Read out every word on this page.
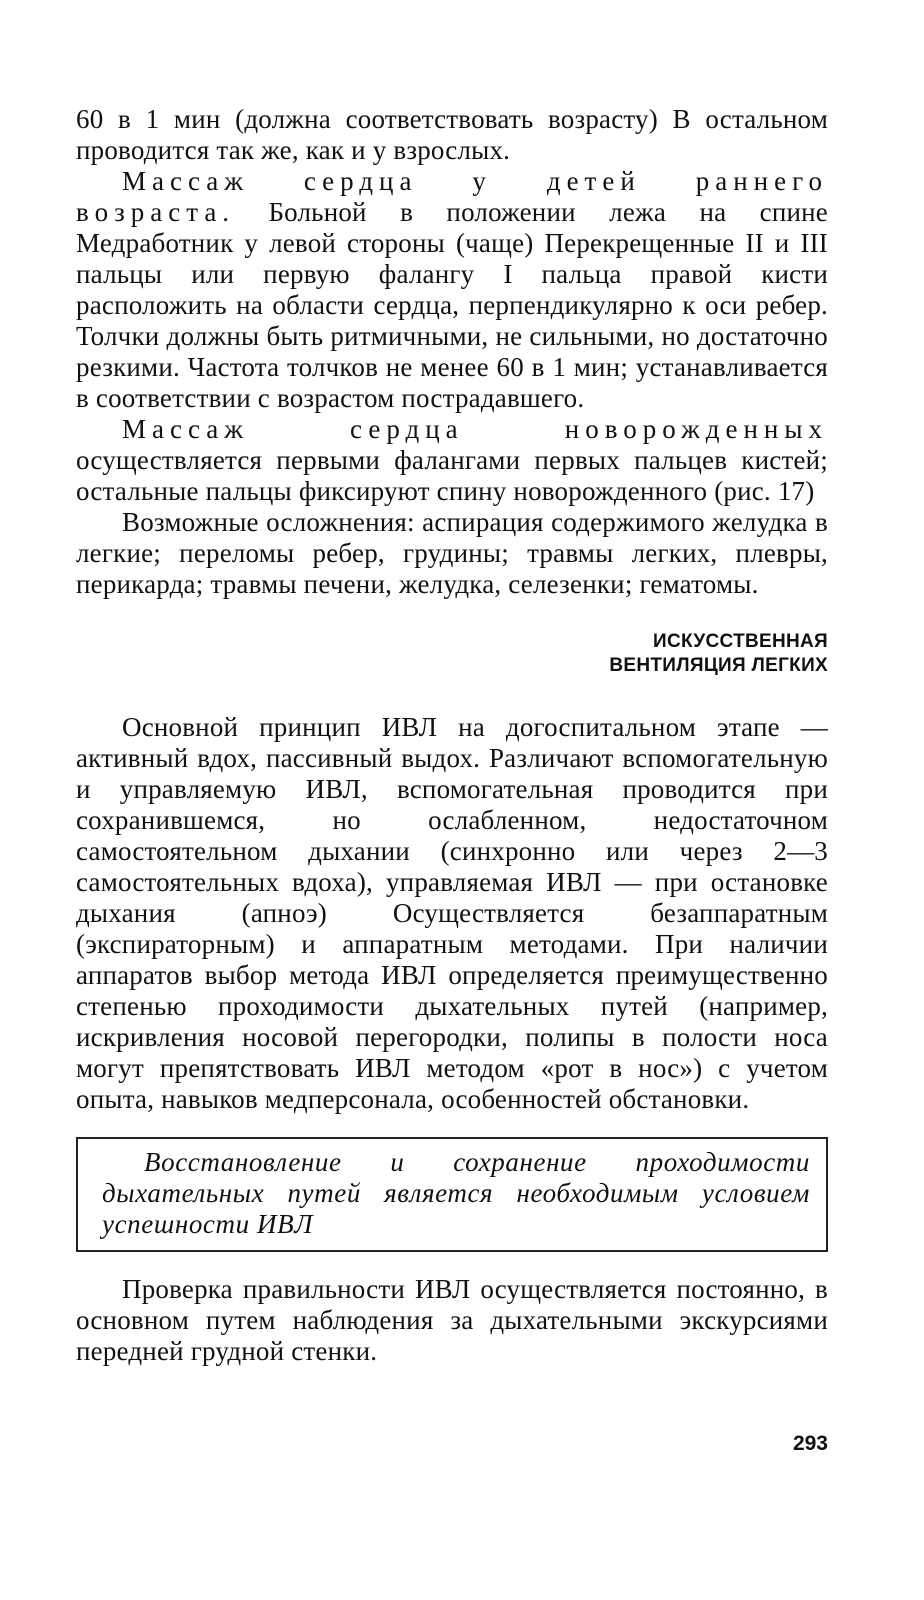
60 в 1 мин (должна соответствовать возрасту) В остальном проводится так же, как и у взрослых.

Массаж сердца у детей раннего возраста. Больной в положении лежа на спине Медработник у левой стороны (чаще) Перекрещенные II и III пальцы или первую фалангу I пальца правой кисти расположить на области сердца, перпендикулярно к оси ребер. Толчки должны быть ритмичными, не сильными, но достаточно резкими. Частота толчков не менее 60 в 1 мин; устанавливается в соответствии с возрастом пострадавшего.

Массаж сердца новорожденных осуществляется первыми фалангами первых пальцев кистей; остальные пальцы фиксируют спину новорожденного (рис. 17)

Возможные осложнения: аспирация содержимого желудка в легкие; переломы ребер, грудины; травмы легких, плевры, перикарда; травмы печени, желудка, селезенки; гематомы.

ИСКУССТВЕННАЯ
ВЕНТИЛЯЦИЯ ЛЕГКИХ

Основной принцип ИВЛ на догоспитальном этапе — активный вдох, пассивный выдох. Различают вспомогательную и управляемую ИВЛ, вспомогательная проводится при сохранившемся, но ослабленном, недостаточном самостоятельном дыхании (синхронно или через 2—3 самостоятельных вдоха), управляемая ИВЛ — при остановке дыхания (апноэ) Осуществляется безаппаратным (экспираторным) и аппаратным методами. При наличии аппаратов выбор метода ИВЛ определяется преимущественно степенью проходимости дыхательных путей (например, искривления носовой перегородки, полипы в полости носа могут препятствовать ИВЛ методом «рот в нос») с учетом опыта, навыков медперсонала, особенностей обстановки.

Восстановление и сохранение проходимости дыхательных путей является необходимым условием успешности ИВЛ

Проверка правильности ИВЛ осуществляется постоянно, в основном путем наблюдения за дыхательными экскурсиями передней грудной стенки.

293
